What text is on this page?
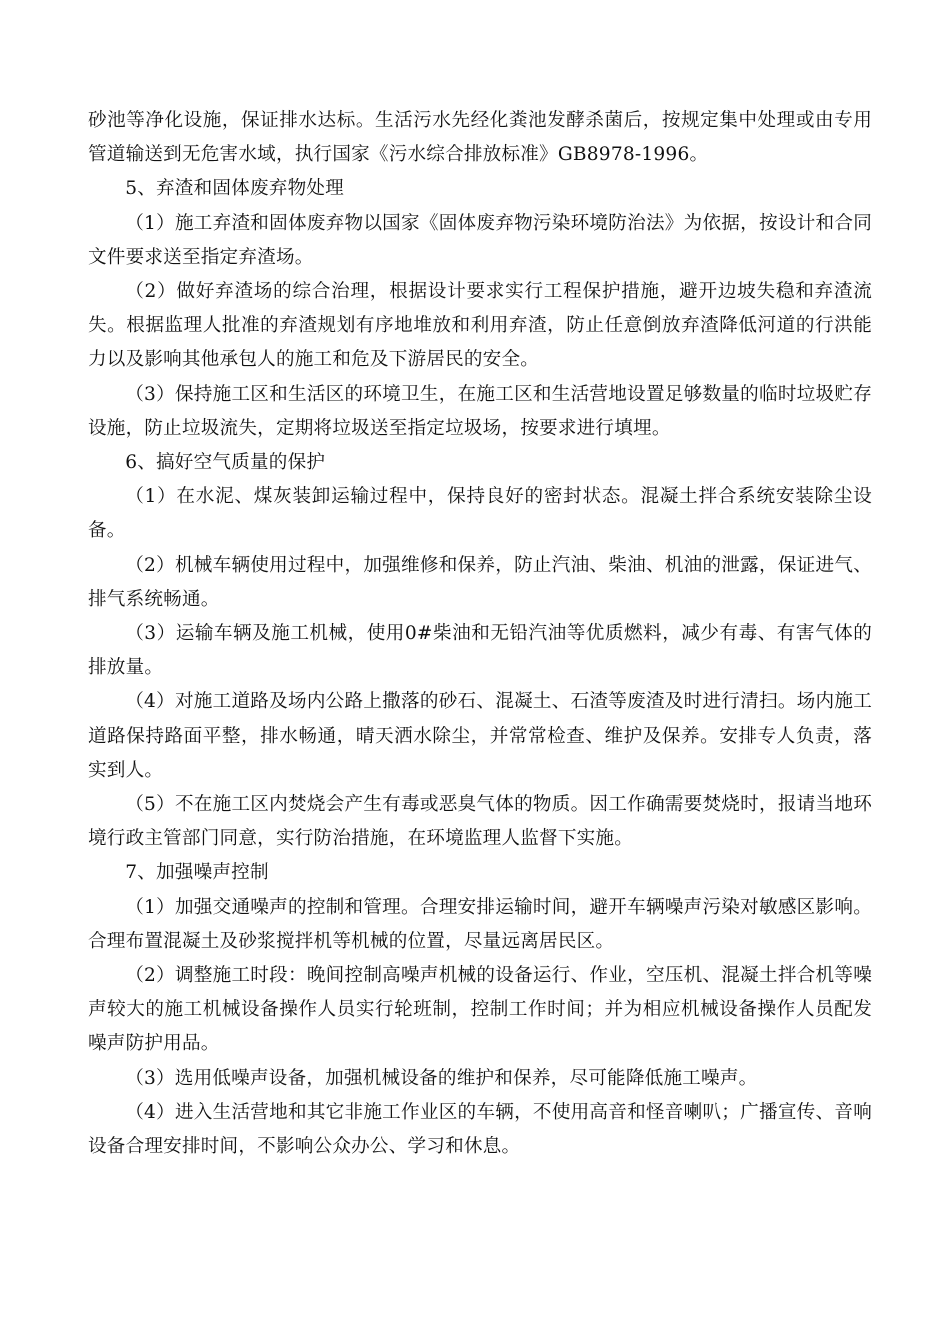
砂池等净化设施，保证排水达标。生活污水先经化粪池发酵杀菌后，按规定集中处理或由专用管道输送到无危害水域，执行国家《污水综合排放标准》GB8978-1996。

5、弃渣和固体废弃物处理

（1）施工弃渣和固体废弃物以国家《固体废弃物污染环境防治法》为依据，按设计和合同文件要求送至指定弃渣场。

（2）做好弃渣场的综合治理，根据设计要求实行工程保护措施，避开边坡失稳和弃渣流失。根据监理人批准的弃渣规划有序地堆放和利用弃渣，防止任意倒放弃渣降低河道的行洪能力以及影响其他承包人的施工和危及下游居民的安全。

（3）保持施工区和生活区的环境卫生，在施工区和生活营地设置足够数量的临时垃圾贮存设施，防止垃圾流失，定期将垃圾送至指定垃圾场，按要求进行填埋。

6、搞好空气质量的保护

（1）在水泥、煤灰装卸运输过程中，保持良好的密封状态。混凝土拌合系统安装除尘设备。

（2）机械车辆使用过程中，加强维修和保养，防止汽油、柴油、机油的泄露，保证进气、排气系统畅通。

（3）运输车辆及施工机械，使用0#柴油和无铅汽油等优质燃料，减少有毒、有害气体的排放量。

（4）对施工道路及场内公路上撒落的砂石、混凝土、石渣等废渣及时进行清扫。场内施工道路保持路面平整，排水畅通，晴天洒水除尘，并常常检查、维护及保养。安排专人负责，落实到人。

（5）不在施工区内焚烧会产生有毒或恶臭气体的物质。因工作确需要焚烧时，报请当地环境行政主管部门同意，实行防治措施，在环境监理人监督下实施。

7、加强噪声控制

（1）加强交通噪声的控制和管理。合理安排运输时间，避开车辆噪声污染对敏感区影响。合理布置混凝土及砂浆搅拌机等机械的位置，尽量远离居民区。

（2）调整施工时段：晚间控制高噪声机械的设备运行、作业，空压机、混凝土拌合机等噪声较大的施工机械设备操作人员实行轮班制，控制工作时间；并为相应机械设备操作人员配发噪声防护用品。

（3）选用低噪声设备，加强机械设备的维护和保养，尽可能降低施工噪声。

（4）进入生活营地和其它非施工作业区的车辆，不使用高音和怪音喇叭；广播宣传、音响设备合理安排时间，不影响公众办公、学习和休息。
